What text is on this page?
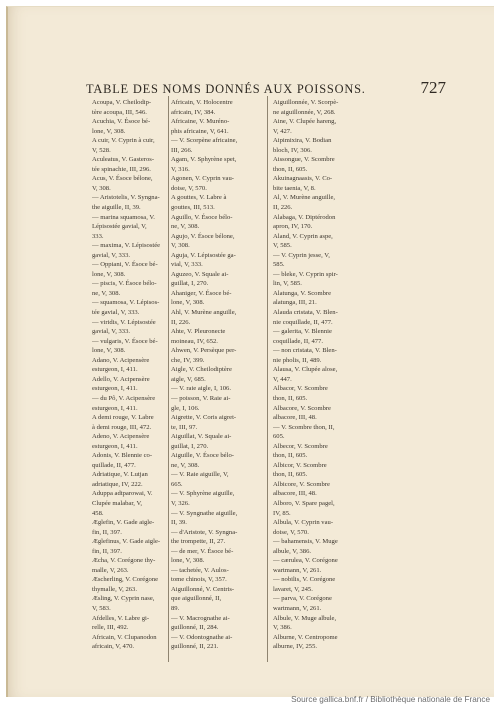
TABLE DES NOMS DONNÉS AUX POISSONS.	727
Acoupa, V. Cheilodip-
tère acoupa, III, 546.
Acuchia, V. Ésoce bé-
lone, V, 308.
A cuir, V. Cyprin à cuir,
V, 528.
Aculeatus, V. Gasteros-
tée spinachie, III, 296.
Acus, V. Ésoce bélone,
V, 308.
— Aristotelis, V. Syngna-
the aiguille, II, 39.
— marina squamosa, V.
Lépisostée gavial, V,
333.
— maxima, V. Lépisostée
gavial, V, 333.
— Oppiani, V. Ésoce bé-
lone, V, 308.
— piscis, V. Ésoce bélo-
ne, V, 308.
— squamosa, V. Lépisos-
tée gavial, V, 333.
— viridis, V. Lépisostée
gavial, V, 333.
— vulgaris, V. Ésoce bé-
lone, V, 308.
Adano, V. Acipensère
esturgeon, I, 411.
Adello, V. Acipensère
esturgeon, I, 411.
— du Pô, V. Acipensère
esturgeon, I, 411.
A demi rouge, V. Labre
à demi rouge, III, 472.
Adeno, V. Acipensère
esturgeon, I, 411.
Adonis, V. Blennie co-
quillade, II, 477.
Adriatique, V. Lutjan
adriatique, IV, 222.
Aduppa adtparowai, V.
Clupée malabar, V,
458.
Æglefin, V. Gade aigle-
fin, II, 397.
Æglefinus, V. Gade aigle-
fin, II, 397.
Æcha, V. Corégone thy-
malle, V, 263.
Æscherling, V. Corégone
thymalle, V, 263.
Æsling, V. Cyprin nase,
V, 583.
Afdelles, V. Labre gi-
relle, III, 492.
Africain, V. Clupanodon
africain, V, 470.
Africain, V. Holocentre
africain, IV, 384.
Africaine, V. Muréno-
phis africaine, V, 641.
— V. Scorpène africaine,
III, 266.
Agam, V. Sphyrène spet,
V, 316.
Agonen, V. Cyprin vau-
doise, V, 570.
A gouttes, V. Labre à
gouttes, III, 513.
Aguillo, V. Ésoce bélo-
ne, V, 308.
Agujo, V. Ésoce bélone,
V, 308.
Aguja, V. Lépisostée ga-
vial, V, 333.
Aguzeo, V. Squale ai-
guillat, I, 270.
Ahaniger, V. Ésoce bé-
lone, V, 308.
Ahl, V. Murène anguille,
II, 226.
Ahte, V. Pleuronecte
moineau, IV, 652.
Ahwen, V. Persèque per-
che, IV, 399.
Aigle, V. Cheilodiptère
aigle, V, 685.
— V. raie aigle, I, 106.
— poisson, V. Raie ai-
gle, I, 106.
Aigrette, V. Coris aigret-
te, III, 97.
Aiguillat, V. Squale ai-
guillat, I, 270.
Aiguille, V. Ésoce bélo-
ne, V, 308.
— V. Raie aiguille, V,
665.
— V. Sphyrène aiguille,
V, 326.
— V. Syngnathe aiguille,
II, 39.
— d'Aristote, V. Syngna-
the trompette, II, 27.
— de mer, V. Ésoce bé-
lone, V, 308.
— tachetée, V. Aulos-
tome chinois, V, 357.
Aiguillonné, V. Centris-
que aiguillonné, II,
89.
— V. Macrognathe ai-
guillonné, II, 284.
— V. Odontognathe ai-
guillonné, II, 221.
Aiguillonnée, V. Scorpè-
ne aiguillonnée, V, 268.
Aine, V. Clupée hareng,
V, 427.
Aipimixira, V. Bodian
bloch, IV, 306.
Aissongue, V. Scombre
thon, II, 605.
Akuinagnaasis, V. Co-
bite taenia, V, 8.
Al, V. Murène anguille,
II, 226.
Alabaga, V. Diptérodon
apron, IV, 170.
Aland, V. Cyprin aspe,
V, 585.
— V. Cyprin jesse, V,
585.
— bleke, V. Cyprin spir-
lin, V, 585.
Alatunga, V. Scombre
alatunga, III, 21.
Alauda cristata, V. Blen-
nie coquillade, II, 477.
— galerita, V. Blennie
coquillade, II, 477.
— non cristata, V. Blen-
nie pholis, II, 489.
Alausa, V. Clupée alose,
V, 447.
Albacor, V. Scombre
thon, II, 605.
Albacore, V. Scombre
albacore, III, 48.
— V. Scombre thon, II,
605.
Albecor, V. Scombre
thon, II, 605.
Albicor, V. Scombre
thon, II, 605.
Albicore, V. Scombre
albacore, III, 48.
Alboro, V. Spare pagel,
IV, 85.
Albula, V. Cyprin vau-
doise, V, 570.
— bahamensis, V. Muge
albule, V, 386.
— cærulea, V. Corégone
wartmann, V, 261.
— nobilis, V. Corégone
lavaret, V, 245.
— parva, V. Corégone
wartmann, V, 261.
Albule, V. Muge albule,
V, 386.
Alburne, V. Centropome
alburne, IV, 255.
Source gallica.bnf.fr / Bibliothèque nationale de France
